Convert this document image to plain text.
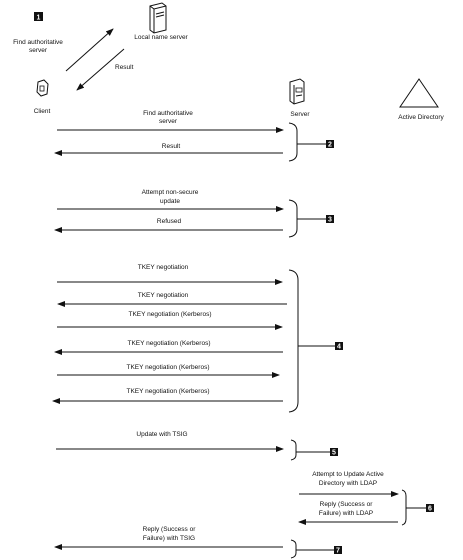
1
Local name server
Find authoritative
server
Result
Client	Server	Active Directory
Find authoritative
server
Result	2
Attempt non-secure
update
Refused	3
TKEY negotiation
TKEY negotiation
TKEY negotiation (Kerberos)
TKEY negotiation (Kerberos)
TKEY negotiation (Kerberos)
TKEY negotiation (Kerberos)
4
Update with TSIG
5
Attempt to Update Active
Directory with LDAP
Reply (Success or
Failure) with LDAP
6
Reply (Success or
Failure) with TSIG
7
